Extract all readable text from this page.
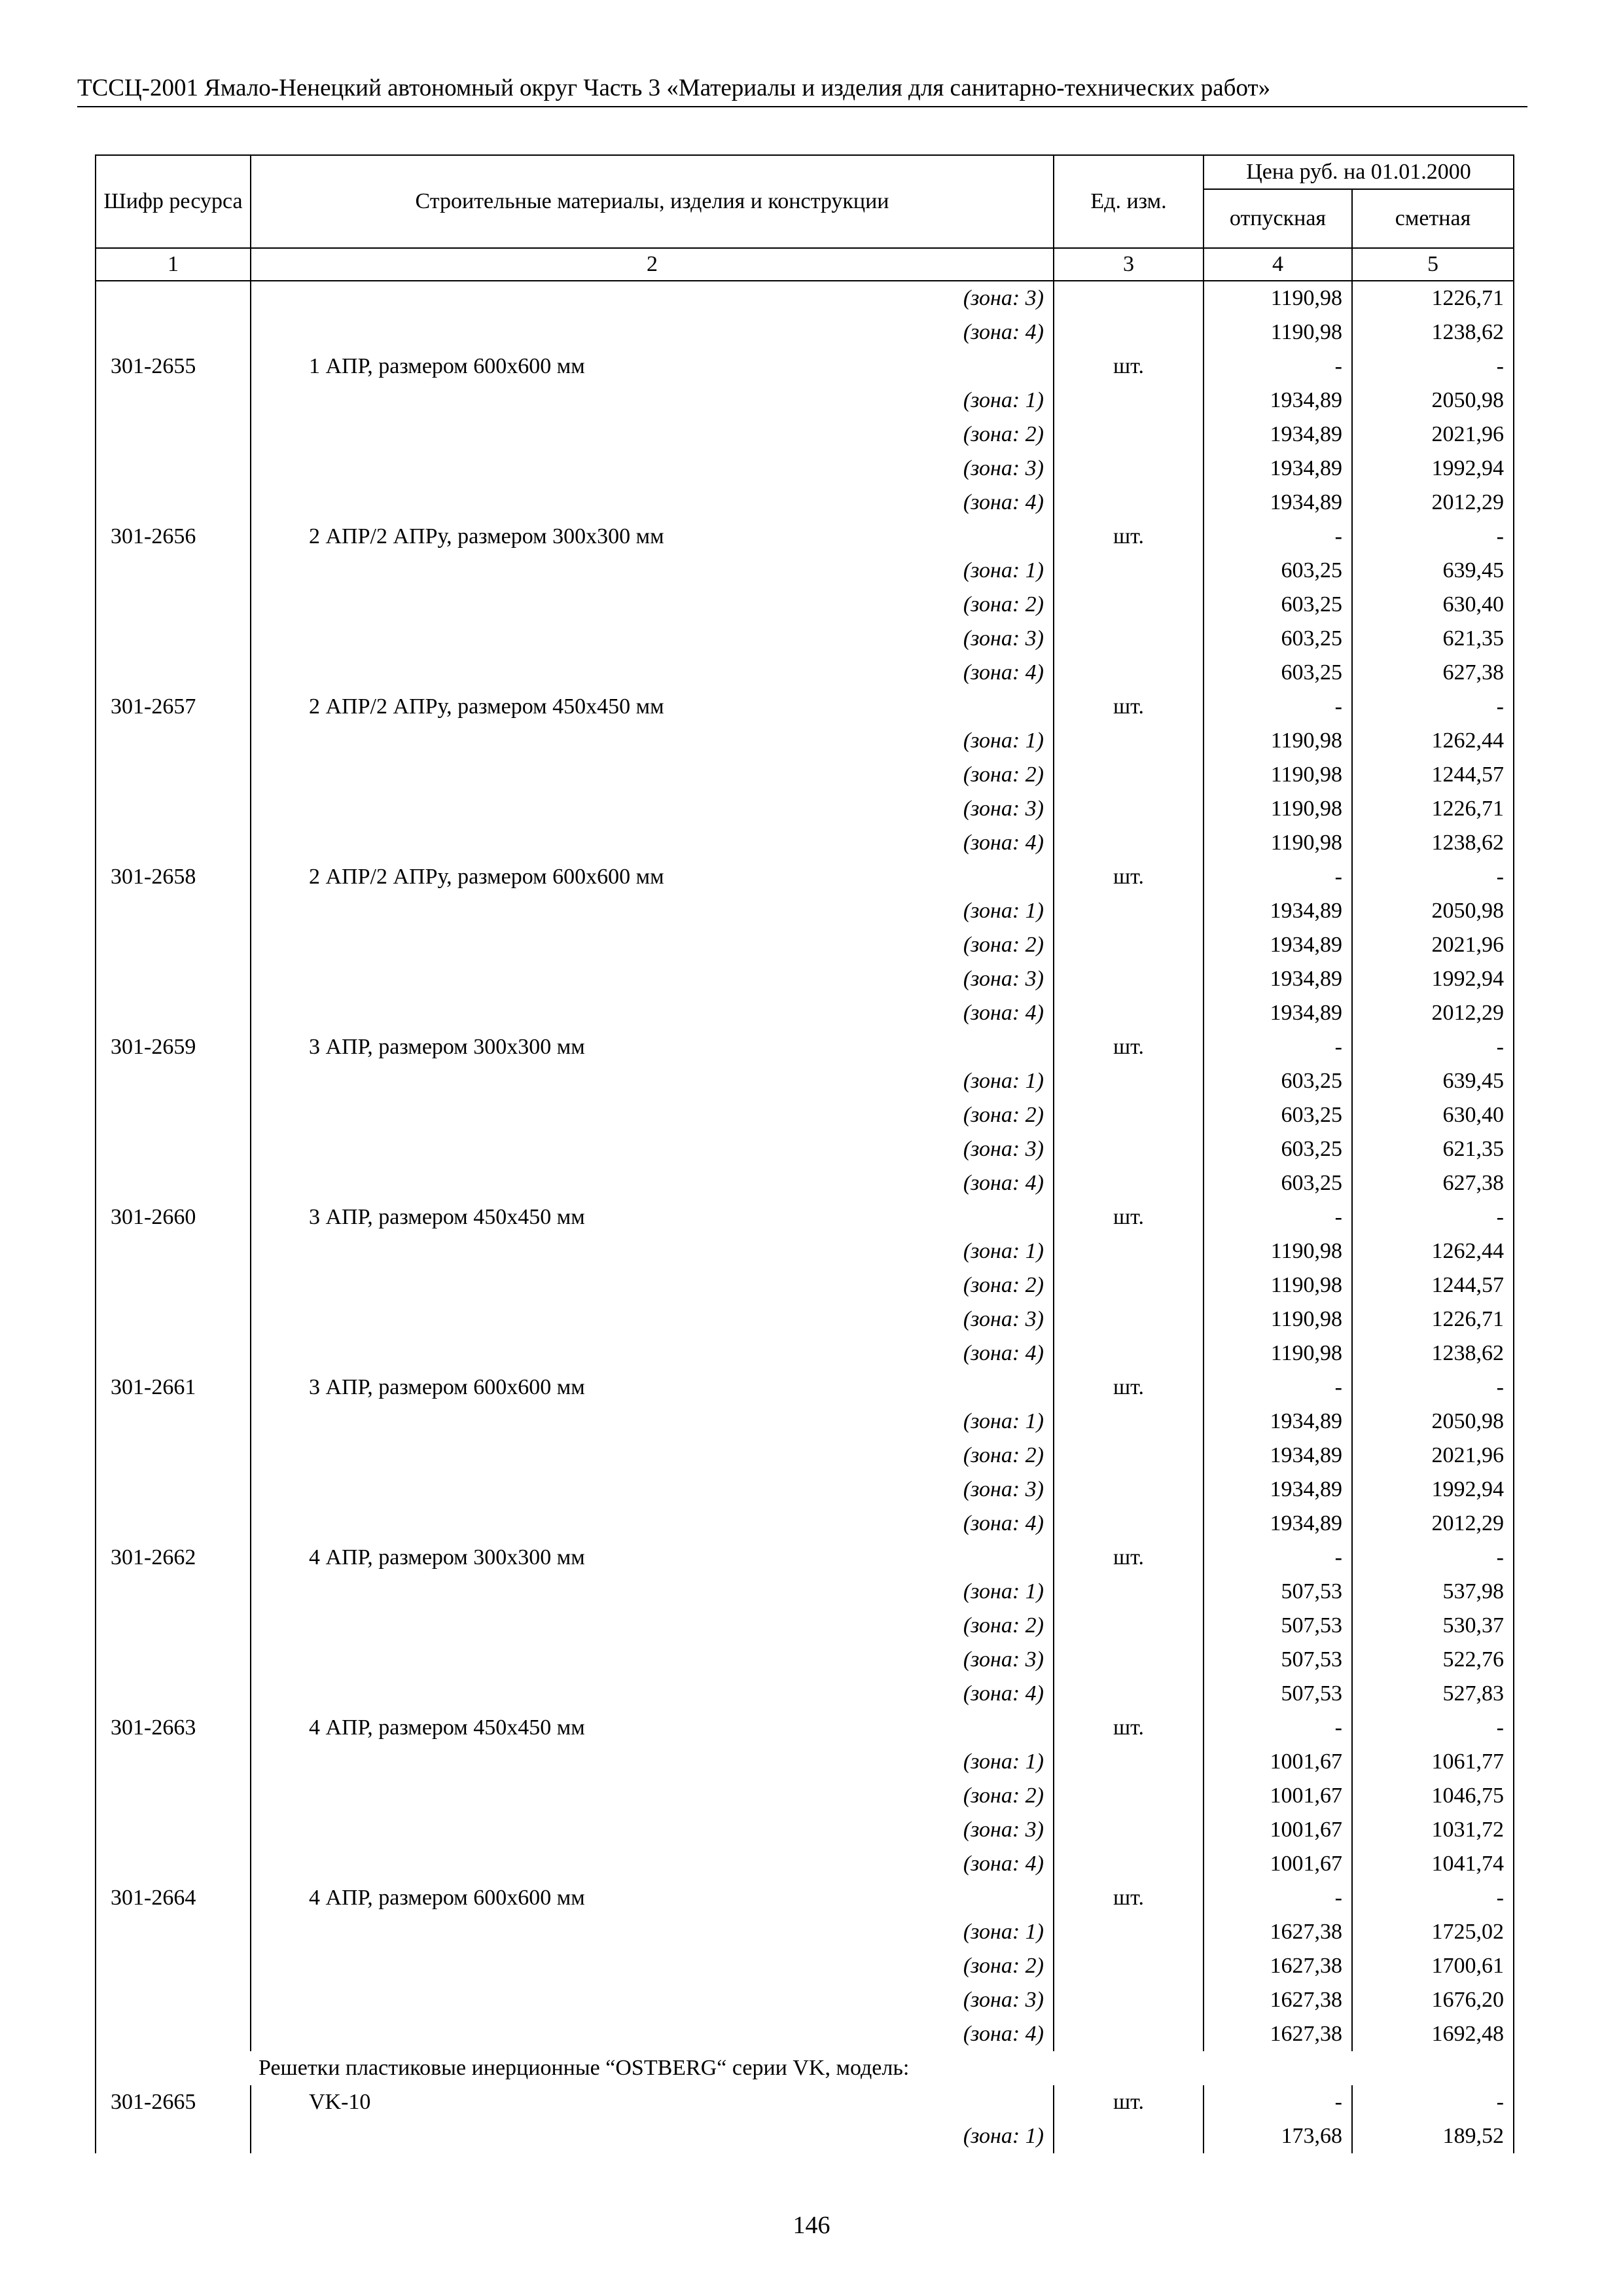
ТССЦ-2001 Ямало-Ненецкий автономный округ Часть 3 «Материалы и изделия для санитарно-технических работ»
Шифр ресурса	Строительные материалы, изделия и конструкции	Ед. изм.	Цена руб. на 01.01.2000	
			отпускная	сметная
1	2	3	4	5
	(зона: 3)		1190,98	1226,71
	(зона: 4)		1190,98	1238,62
301-2655	1 АПР, размером 600x600 мм	шт.	-	-
	(зона: 1)		1934,89	2050,98
	(зона: 2)		1934,89	2021,96
	(зона: 3)		1934,89	1992,94
	(зона: 4)		1934,89	2012,29
301-2656	2 АПР/2 АПРу, размером 300x300 мм	шт.	-	-
	(зона: 1)		603,25	639,45
	(зона: 2)		603,25	630,40
	(зона: 3)		603,25	621,35
	(зона: 4)		603,25	627,38
301-2657	2 АПР/2 АПРу, размером 450x450 мм	шт.	-	-
	(зона: 1)		1190,98	1262,44
	(зона: 2)		1190,98	1244,57
	(зона: 3)		1190,98	1226,71
	(зона: 4)		1190,98	1238,62
301-2658	2 АПР/2 АПРу, размером 600x600 мм	шт.	-	-
	(зона: 1)		1934,89	2050,98
	(зона: 2)		1934,89	2021,96
	(зона: 3)		1934,89	1992,94
	(зона: 4)		1934,89	2012,29
301-2659	3 АПР, размером 300x300 мм	шт.	-	-
	(зона: 1)		603,25	639,45
	(зона: 2)		603,25	630,40
	(зона: 3)		603,25	621,35
	(зона: 4)		603,25	627,38
301-2660	3 АПР, размером 450x450 мм	шт.	-	-
	(зона: 1)		1190,98	1262,44
	(зона: 2)		1190,98	1244,57
	(зона: 3)		1190,98	1226,71
	(зона: 4)		1190,98	1238,62
301-2661	3 АПР, размером 600x600 мм	шт.	-	-
	(зона: 1)		1934,89	2050,98
	(зона: 2)		1934,89	2021,96
	(зона: 3)		1934,89	1992,94
	(зона: 4)		1934,89	2012,29
301-2662	4 АПР, размером 300x300 мм	шт.	-	-
	(зона: 1)		507,53	537,98
	(зона: 2)		507,53	530,37
	(зона: 3)		507,53	522,76
	(зона: 4)		507,53	527,83
301-2663	4 АПР, размером 450x450 мм	шт.	-	-
	(зона: 1)		1001,67	1061,77
	(зона: 2)		1001,67	1046,75
	(зона: 3)		1001,67	1031,72
	(зона: 4)		1001,67	1041,74
301-2664	4 АПР, размером 600x600 мм	шт.	-	-
	(зона: 1)		1627,38	1725,02
	(зона: 2)		1627,38	1700,61
	(зона: 3)		1627,38	1676,20
	(зона: 4)		1627,38	1692,48
Решетки пластиковые инерционные “OSTBERG“ серии VK, модель:				
301-2665	VK-10	шт.	-	-
	(зона: 1)		173,68	189,52
146
